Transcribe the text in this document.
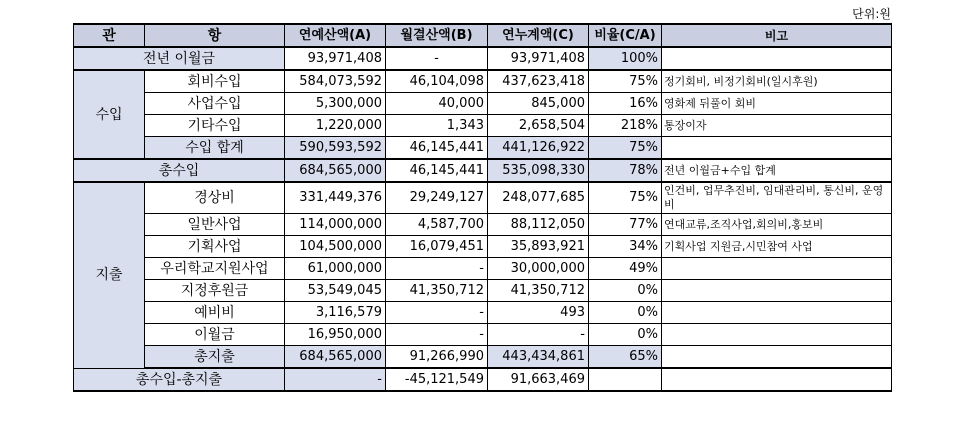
단위:원
관	항	연예산액(A)	월결산액(B)	연누계액(C)	비율(C/A)	비고
전년 이월금		93,971,408	-	93,971,408	100%	
수입	회비수입	584,073,592	46,104,098	437,623,418	75%	정기회비, 비정기회비(일시후원)
	사업수입	5,300,000	40,000	845,000	16%	영화제 뒤풀이 회비
	기타수입	1,220,000	1,343	2,658,504	218%	통장이자
	수입 합계	590,593,592	46,145,441	441,126,922	75%	
총수입		684,565,000	46,145,441	535,098,330	78%	전년 이월금+수입 합계
지출	경상비	331,449,376	29,249,127	248,077,685	75%	인건비, 업무추진비, 임대관리비, 통신비, 운영비
	일반사업	114,000,000	4,587,700	88,112,050	77%	연대교류,조직사업,회의비,홍보비
	기획사업	104,500,000	16,079,451	35,893,921	34%	기획사업 지원금,시민참여 사업
	우리학교지원사업	61,000,000	-	30,000,000	49%	
	지정후원금	53,549,045	41,350,712	41,350,712	0%	
	예비비	3,116,579	-	493	0%	
	이월금	16,950,000	-	-	0%	
	총지출	684,565,000	91,266,990	443,434,861	65%	
총수입-총지출		-	-45,121,549	91,663,469		
